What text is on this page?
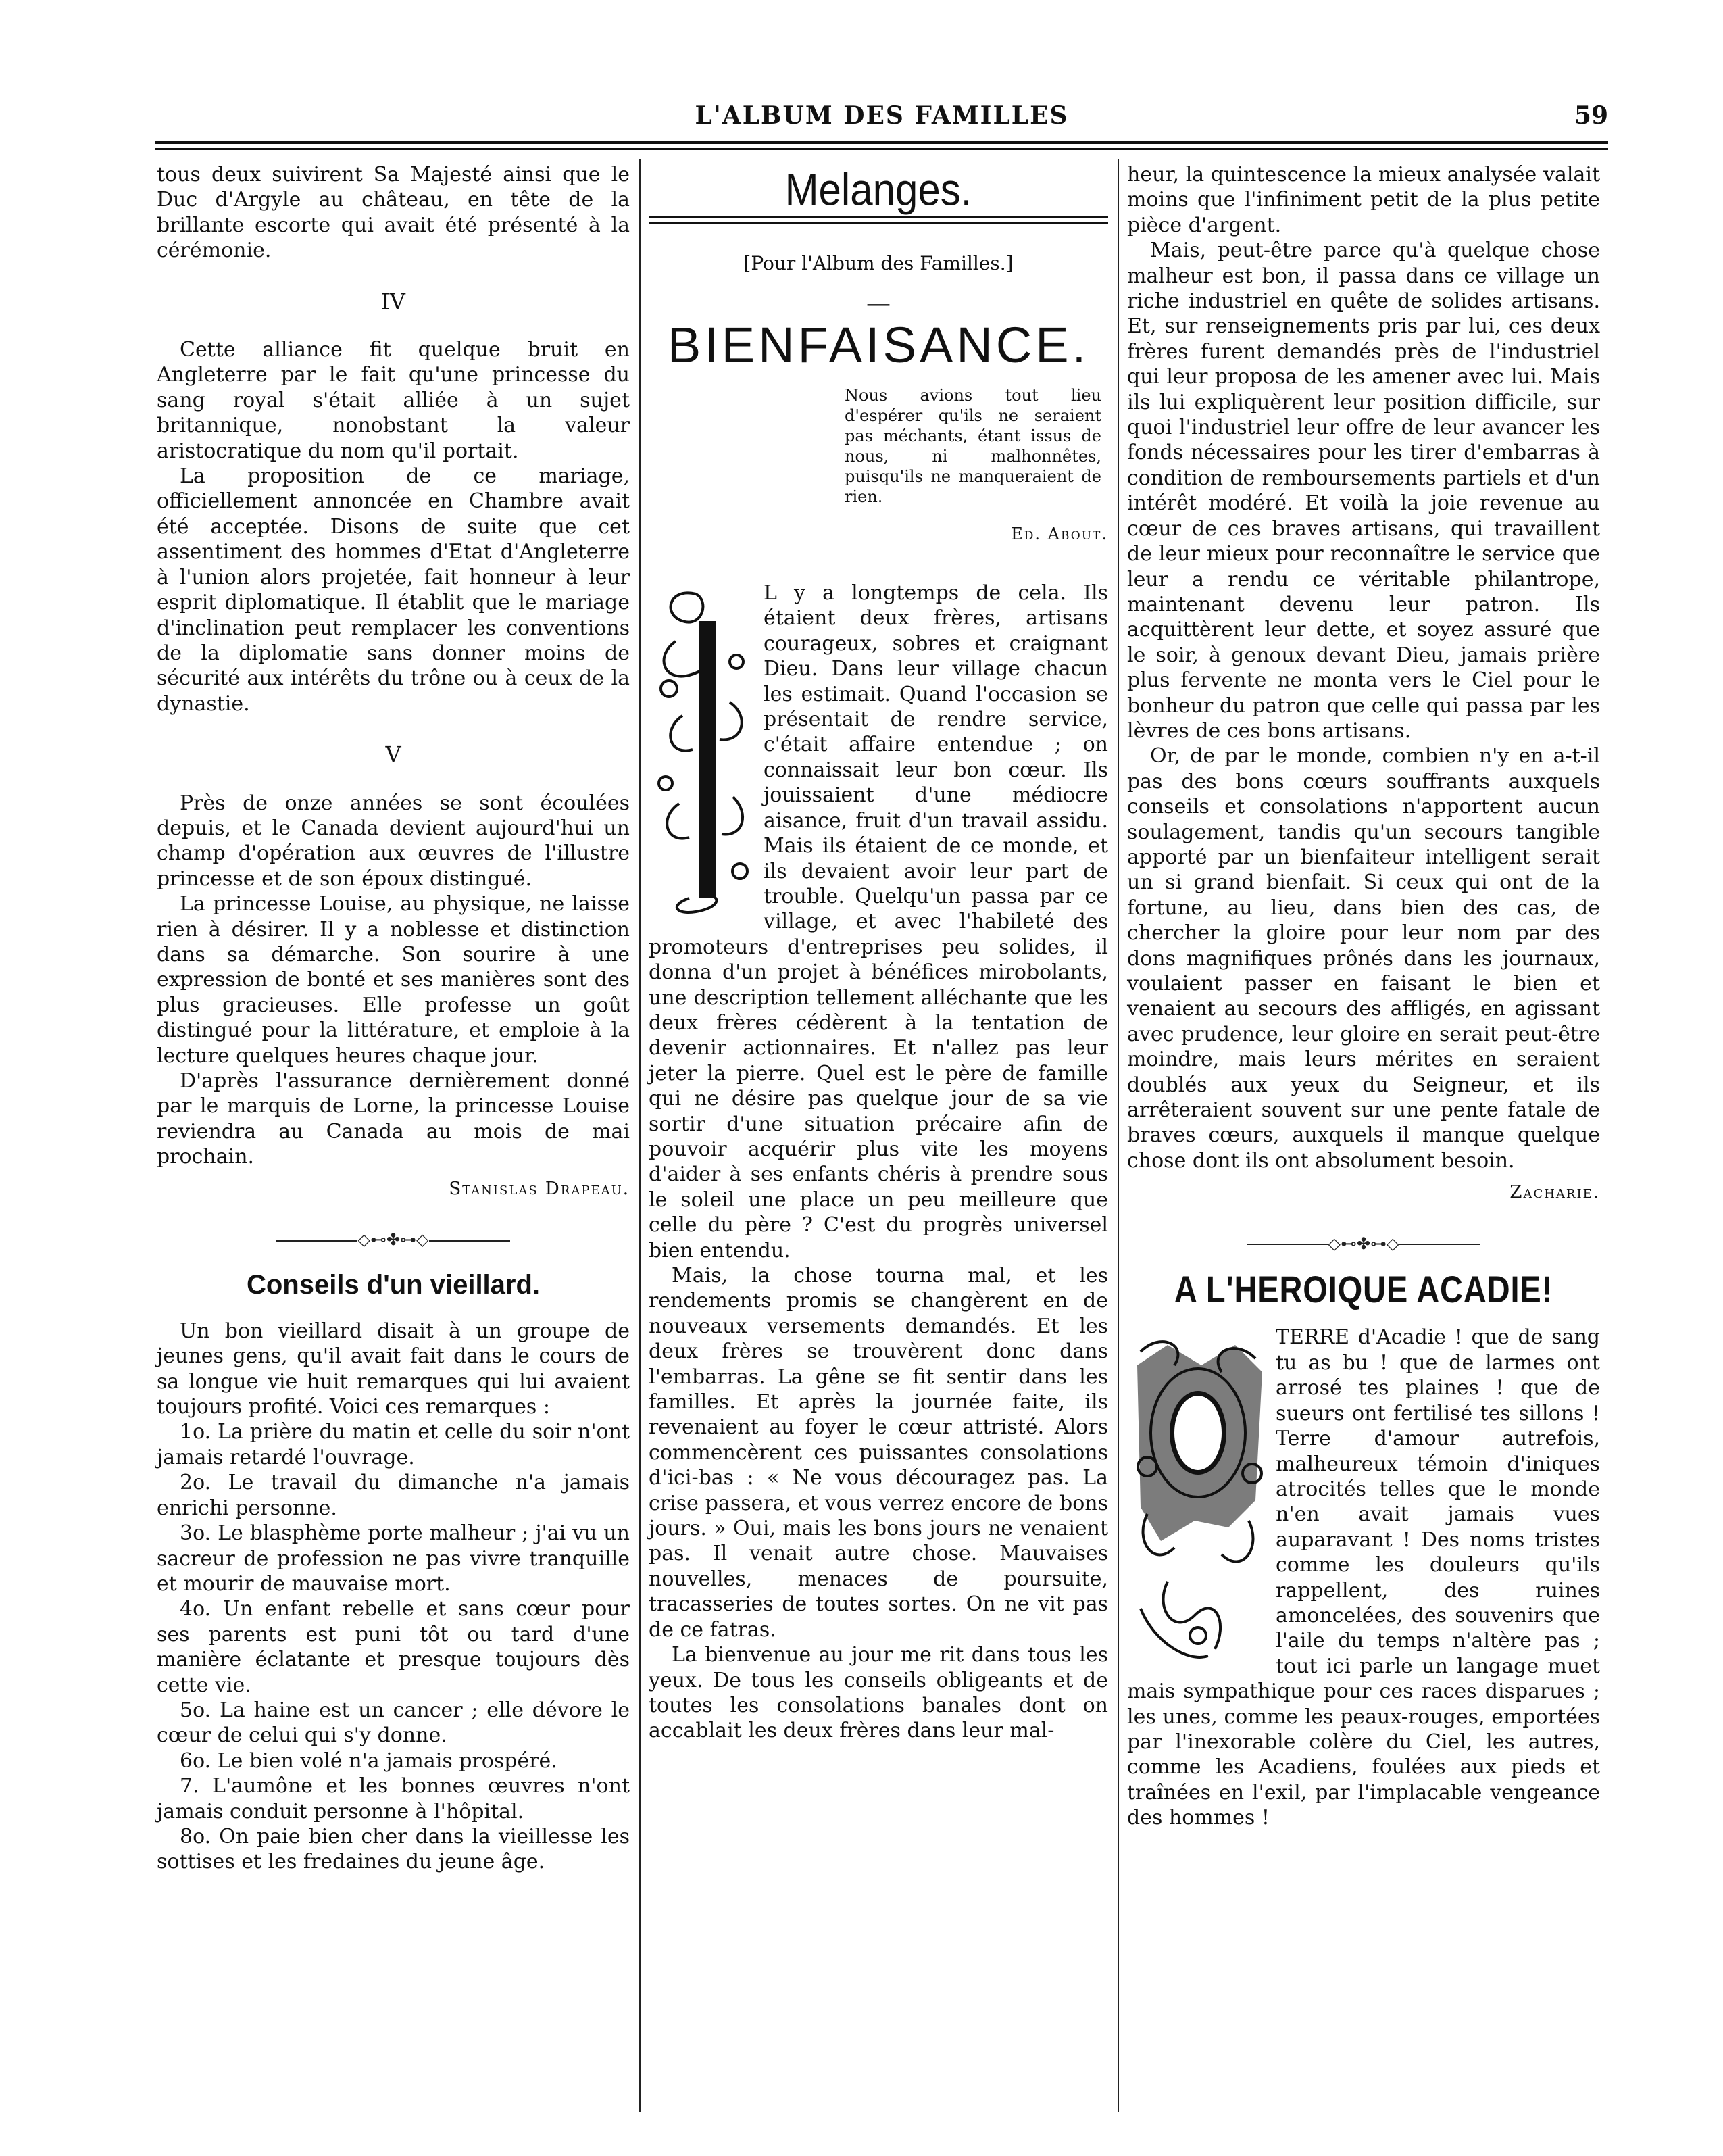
L'ALBUM DES FAMILLES	59

tous deux suivirent Sa Majesté ainsi que le Duc d'Argyle au château, en tête de la brillante escorte qui avait été présenté à la cérémonie.

IV

Cette alliance fit quelque bruit en Angleterre par le fait qu'une princesse du sang royal s'était alliée à un sujet britannique, nonobstant la valeur aristocratique du nom qu'il portait.

La proposition de ce mariage, officiellement annoncée en Chambre avait été acceptée. Disons de suite que cet assentiment des hommes d'Etat d'Angleterre à l'union alors projetée, fait honneur à leur esprit diplomatique. Il établit que le mariage d'inclination peut remplacer les conventions de la diplomatie sans donner moins de sécurité aux intérêts du trône ou à ceux de la dynastie.

V

Près de onze années se sont écoulées depuis, et le Canada devient aujourd'hui un champ d'opération aux œuvres de l'illustre princesse et de son époux distingué.

La princesse Louise, au physique, ne laisse rien à désirer. Il y a noblesse et distinction dans sa démarche. Son sourire à une expression de bonté et ses manières sont des plus gracieuses. Elle professe un goût distingué pour la littérature, et emploie à la lecture quelques heures chaque jour.

D'après l'assurance dernièrement donné par le marquis de Lorne, la princesse Louise reviendra au Canada au mois de mai prochain.

Stanislas Drapeau.
◇⊷✤⊶◇
Conseils d'un vieillard.

Un bon vieillard disait à un groupe de jeunes gens, qu'il avait fait dans le cours de sa longue vie huit remarques qui lui avaient toujours profité. Voici ces remarques :

1o. La prière du matin et celle du soir n'ont jamais retardé l'ouvrage.

2o. Le travail du dimanche n'a jamais enrichi personne.

3o. Le blasphème porte malheur ; j'ai vu un sacreur de profession ne pas vivre tranquille et mourir de mauvaise mort.

4o. Un enfant rebelle et sans cœur pour ses parents est puni tôt ou tard d'une manière éclatante et presque toujours dès cette vie.

5o. La haine est un cancer ; elle dévore le cœur de celui qui s'y donne.

6o. Le bien volé n'a jamais prospéré.

7. L'aumône et les bonnes œuvres n'ont jamais conduit personne à l'hôpital.

8o. On paie bien cher dans la vieillesse les sottises et les fredaines du jeune âge.

Melanges.
[Pour l'Album des Familles.]
—
BIENFAISANCE.
Nous avions tout lieu d'espérer qu'ils ne seraient pas méchants, étant issus de nous, ni malhonnêtes, puisqu'ils ne manqueraient de rien.
Ed. About.

L y a longtemps de cela. Ils étaient deux frères, artisans courageux, sobres et craignant Dieu. Dans leur village chacun les estimait. Quand l'occasion se présentait de rendre service, c'était affaire entendue ; on connaissait leur bon cœur. Ils jouissaient d'une médiocre aisance, fruit d'un travail assidu. Mais ils étaient de ce monde, et ils devaient avoir leur part de trouble. Quelqu'un passa par ce village, et avec l'habileté des promoteurs d'entreprises peu solides, il donna d'un projet à bénéfices mirobolants, une description tellement alléchante que les deux frères cédèrent à la tentation de devenir actionnaires. Et n'allez pas leur jeter la pierre. Quel est le père de famille qui ne désire pas quelque jour de sa vie sortir d'une situation précaire afin de pouvoir acquérir plus vite les moyens d'aider à ses enfants chéris à prendre sous le soleil une place un peu meilleure que celle du père ? C'est du progrès universel bien entendu.

Mais, la chose tourna mal, et les rendements promis se changèrent en de nouveaux versements demandés. Et les deux frères se trouvèrent donc dans l'embarras. La gêne se fit sentir dans les familles. Et après la journée faite, ils revenaient au foyer le cœur attristé. Alors commencèrent ces puissantes consolations d'ici-bas : « Ne vous découragez pas. La crise passera, et vous verrez encore de bons jours. » Oui, mais les bons jours ne venaient pas. Il venait autre chose. Mauvaises nouvelles, menaces de poursuite, tracasseries de toutes sortes. On ne vit pas de ce fatras.

La bienvenue au jour me rit dans tous les yeux. De tous les conseils obligeants et de toutes les consolations banales dont on accablait les deux frères dans leur mal-

heur, la quintescence la mieux analysée valait moins que l'infiniment petit de la plus petite pièce d'argent.

Mais, peut-être parce qu'à quelque chose malheur est bon, il passa dans ce village un riche industriel en quête de solides artisans. Et, sur renseignements pris par lui, ces deux frères furent demandés près de l'industriel qui leur proposa de les amener avec lui. Mais ils lui expliquèrent leur position difficile, sur quoi l'industriel leur offre de leur avancer les fonds nécessaires pour les tirer d'embarras à condition de remboursements partiels et d'un intérêt modéré. Et voilà la joie revenue au cœur de ces braves artisans, qui travaillent de leur mieux pour reconnaître le service que leur a rendu ce véritable philantrope, maintenant devenu leur patron. Ils acquittèrent leur dette, et soyez assuré que le soir, à genoux devant Dieu, jamais prière plus fervente ne monta vers le Ciel pour le bonheur du patron que celle qui passa par les lèvres de ces bons artisans.

Or, de par le monde, combien n'y en a-t-il pas des bons cœurs souffrants auxquels conseils et consolations n'apportent aucun soulagement, tandis qu'un secours tangible apporté par un bienfaiteur intelligent serait un si grand bienfait. Si ceux qui ont de la fortune, au lieu, dans bien des cas, de chercher la gloire pour leur nom par des dons magnifiques prônés dans les journaux, voulaient passer en faisant le bien et venaient au secours des affligés, en agissant avec prudence, leur gloire en serait peut-être moindre, mais leurs mérites en seraient doublés aux yeux du Seigneur, et ils arrêteraient souvent sur une pente fatale de braves cœurs, auxquels il manque quelque chose dont ils ont absolument besoin.

Zacharie.
◇⊷✤⊶◇
A L'HEROIQUE ACADIE!

TERRE d'Acadie ! que de sang tu as bu ! que de larmes ont arrosé tes plaines ! que de sueurs ont fertilisé tes sillons ! Terre d'amour autrefois, malheureux témoin d'iniques atrocités telles que le monde n'en avait jamais vues auparavant ! Des noms tristes comme les douleurs qu'ils rappellent, des ruines amoncelées, des souvenirs que l'aile du temps n'altère pas ; tout ici parle un langage muet mais sympathique pour ces races disparues ; les unes, comme les peaux-rouges, emportées par l'inexorable colère du Ciel, les autres, comme les Acadiens, foulées aux pieds et traînées en l'exil, par l'implacable vengeance des hommes !
